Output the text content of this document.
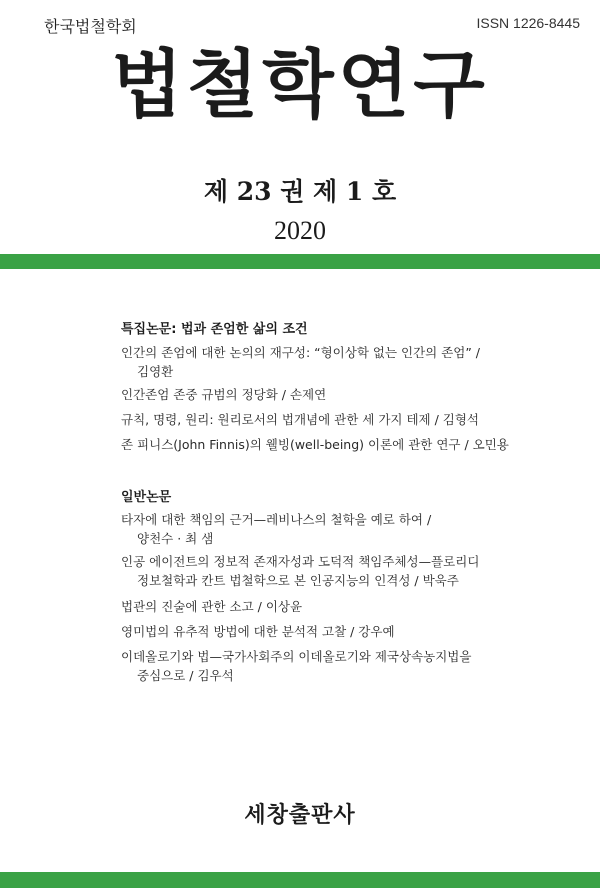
한국법철학회	ISSN 1226-8445
법철학연구
제 23 권 제 1 호
2020
특집논문: 법과 존엄한 삶의 조건
인간의 존엄에 대한 논의의 재구성: “형이상학 없는 인간의 존엄” /
김영환
인간존엄 존중 규범의 정당화 / 손제연
규칙, 명령, 원리: 원리로서의 법개념에 관한 세 가지 테제 / 김형석
존 피니스(John Finnis)의 웰빙(well-being) 이론에 관한 연구 / 오민용
일반논문
타자에 대한 책임의 근거—레비나스의 철학을 예로 하여 /
양천수 · 최 샘
인공 에이전트의 정보적 존재자성과 도덕적 책임주체성—플로리디
정보철학과 칸트 법철학으로 본 인공지능의 인격성 / 박욱주
법관의 진술에 관한 소고 / 이상윤
영미법의 유추적 방법에 대한 분석적 고찰 / 강우예
이데올로기와 법—국가사회주의 이데올로기와 제국상속농지법을
중심으로 / 김우석
세창출판사
